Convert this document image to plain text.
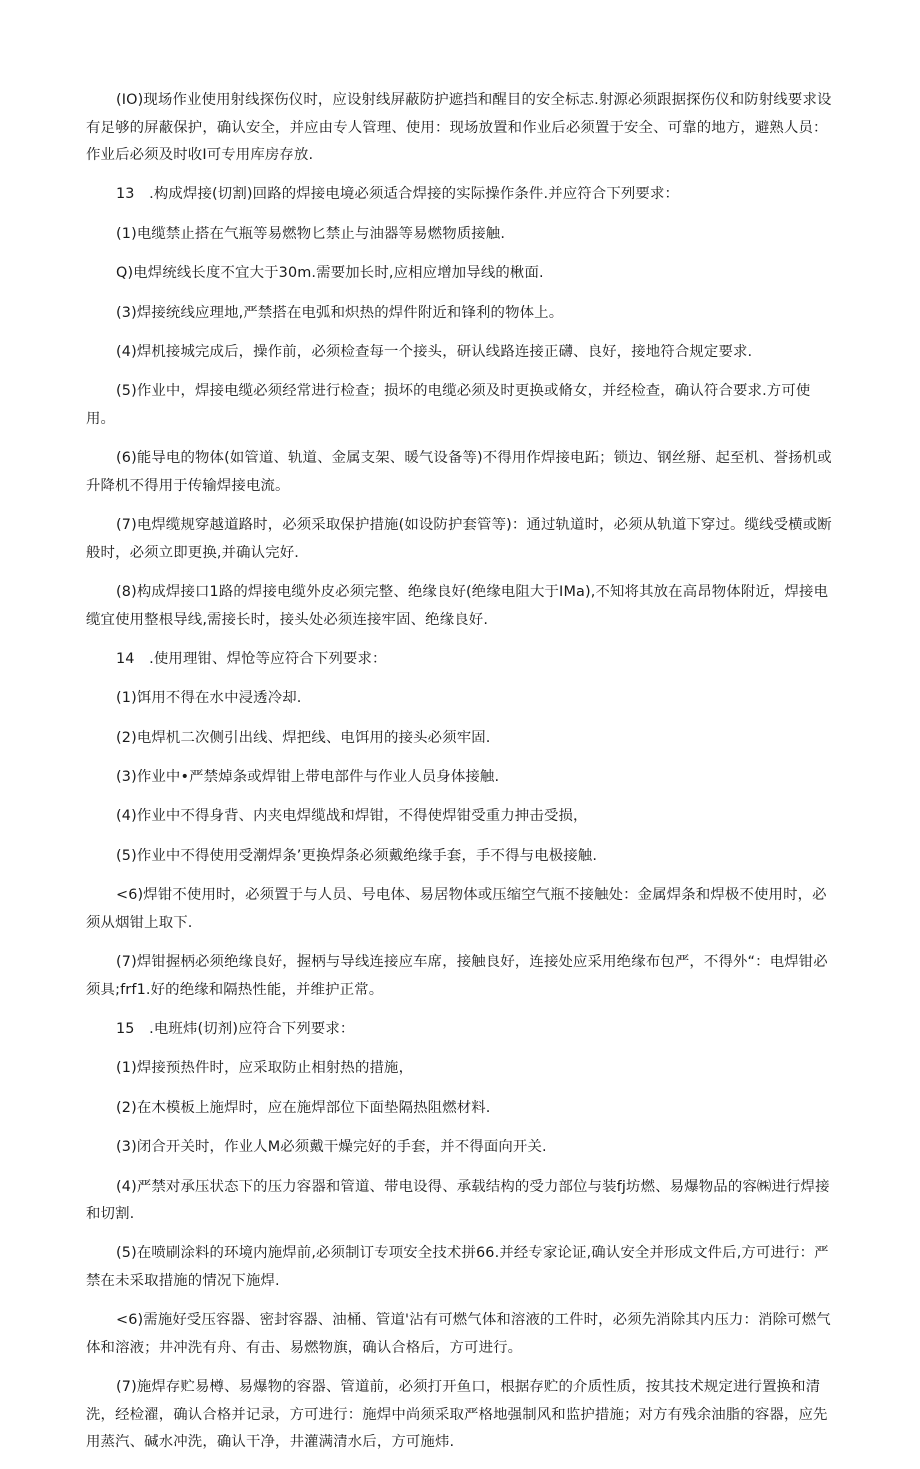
(IO)现场作业使用射线探伤仪时，应设射线屏蔽防护遮挡和醒目的安全标志.射源必须跟据探伤仪和防射线要求设有足够的屏蔽保护，确认安全，并应由专人管理、使用：现场放置和作业后必须置于安全、可靠的地方，避熟人员：作业后必须及时收I可专用库房存放.

13　.构成焊接(切割)回路的焊接电境必须适合焊接的实际操作条件.并应符合下列要求：

(1)电缆禁止搭在气瓶等易燃物匕禁止与油器等易燃物质接触.

Q)电焊统线长度不宜大于30m.需要加长时,应相应增加导线的楸面.

(3)焊接统线应理地,严禁搭在电弧和炽热的焊件附近和锋利的物体上。

(4)焊机接城完成后，操作前，必须检查每一个接头，研认线路连接正礴、良好，接地符合规定要求.

(5)作业中，焊接电缆必须经常进行检查；损坏的电缆必须及时更换或脩女，并经检查，确认符合要求.方可使用。

(6)能导电的物体(如管道、轨道、金属支架、暖气设备等)不得用作焊接电跖；锁边、钢丝掰、起至机、誉扬机或升降机不得用于传输焊接电流。

(7)电焊缆规穿越道路时，必须采取保护措施(如设防护套管等)：通过轨道时，必须从轨道下穿过。缆线受横或断般时，必须立即更换,并确认完好.

(8)构成焊接口1路的焊接电缆外皮必须完整、绝缘良好(绝缘电阻大于IMa),不知将其放在高昂物体附近，焊接电缆宜使用整根导线,需接长时，接头处必须连接牢固、绝缘良好.

14　.使用理钳、焊怆等应符合下列要求：

(1)饵用不得在水中浸透冷却.

(2)电焊机二次侧引出线、焊把线、电饵用的接头必须牢固.

(3)作业中•严禁焯条或焊钳上带电部件与作业人员身体接触.

(4)作业中不得身背、内夹电焊缆战和焊钳，不得使焊钳受重力抻击受损，

(5)作业中不得使用受潮焊条’更换焊条必须戴绝缘手套，手不得与电极接触.

<6)焊钳不使用时，必须置于与人员、号电体、易居物体或压缩空气瓶不接触处：金属焊条和焊极不使用时，必须从烟钳上取下.

(7)焊钳握柄必须绝缘良好，握柄与导线连接应车席，接触良好，连接处应采用绝缘布包严，不得外“：电焊钳必须具;frf1.好的绝缘和隔热性能，并维护正常。

15　.电班炜(切剂)应符合下列要求：

(1)焊接预热件时，应采取防止相射热的措施，

(2)在木模板上施焊时，应在施焊部位下面垫隔热阻燃材料.

(3)闭合开关时，作业人M必须戴干燥完好的手套，并不得面向开关.

(4)严禁对承压状态下的压力容器和管道、带电设得、承载结构的受力部位与装fj坊燃、易爆物品的容㈱进行焊接和切割.

(5)在喷刷涂料的环境内施焊前,必须制订专项安全技术拼66.并经专家论证,确认安全并形成文件后,方可进行：严禁在未采取措施的情况下施焊.

<6)需施好受压容器、密封容器、油桶、管道'沾有可燃气体和溶液的工件时，必须先消除其内压力：消除可燃气体和溶液；井冲洗有舟、有击、易燃物旗，确认合格后，方可进行。

(7)施焊存贮易樽、易爆物的容器、管道前，必须打开鱼口，根据存贮的介质性质，按其技术规定进行置换和清洗，经检濯，确认合格并记录，方可进行：施焊中尚须采取严格地强制风和监护措施；对方有残余油脂的容器，应先用蒸汽、碱水冲洗，确认干净，井灌满清水后，方可施炜.
